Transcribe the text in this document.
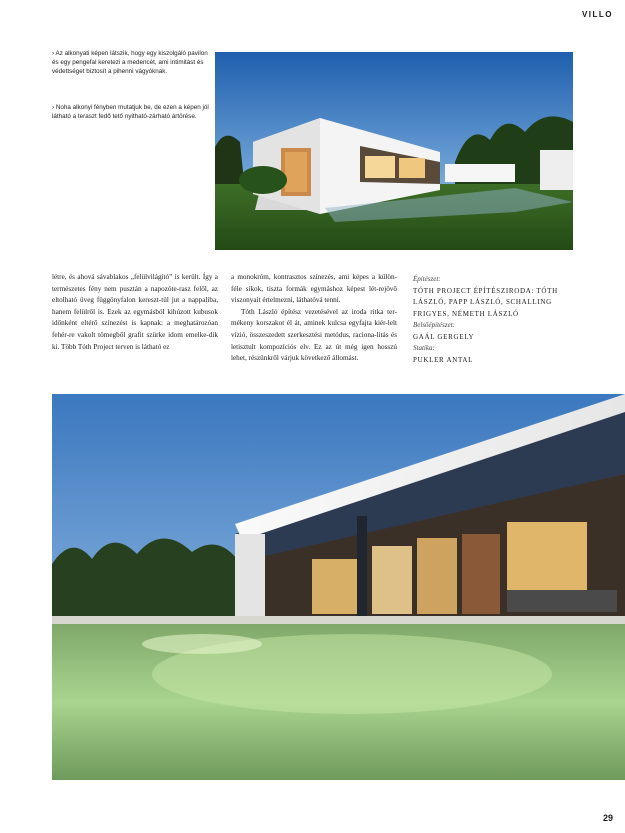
VILLO

› Az alkonyati képen látszik, hogy egy kiszolgáló pavilon és egy pengefal keretezi a medencét, ami intimitást és védettséget biztosít a pihenni vágyóknak.

› Noha alkonyi fényben mutatjuk be, de ezen a képen jól látható a teraszt fedő tető nyitható-zárható ártörése.

létre, és ahová sávablakos „felülvilágító” is került. Így a természetes fény nem pusztán a napozóte-rasz felől, az eltolható üveg függönyfalon kereszt-tül jut a nappaliba, hanem felülről is. Ezek az egymásból kihúzott kubusok időnként eltérő színezést is kapnak: a meghatározóan fehér-re vakolt tömegből grafit szürke idom emelke-dik ki. Több Tóth Project terven is látható ez

a monokróm, kontrasztos színezés, ami képes a külön-féle síkok, tiszta formák egymáshoz képest lét-rejövő viszonyait értelmezni, láthatóvá tenni.

Tóth László építész vezetésével az iroda ritka ter-mékeny korszakot él át, aminek kulcsa egyfajta kiér-lelt vízió, összeszedett szerkesztési metódus, raciona-litás és letisztult kompozíciós elv. Ez az út még igen hosszú lehet, részünkről várjuk következő állomást.

Építészet:
TÓTH PROJECT ÉPÍTÉSZIRODA: TÓTH LÁSZLÓ, PAPP LÁSZLÓ, SCHALLING FRIGYES, NÉMETH LÁSZLÓ
Belsőépítészet:
GAÁL GERGELY
Statika:
PUKLER ANTAL
29
